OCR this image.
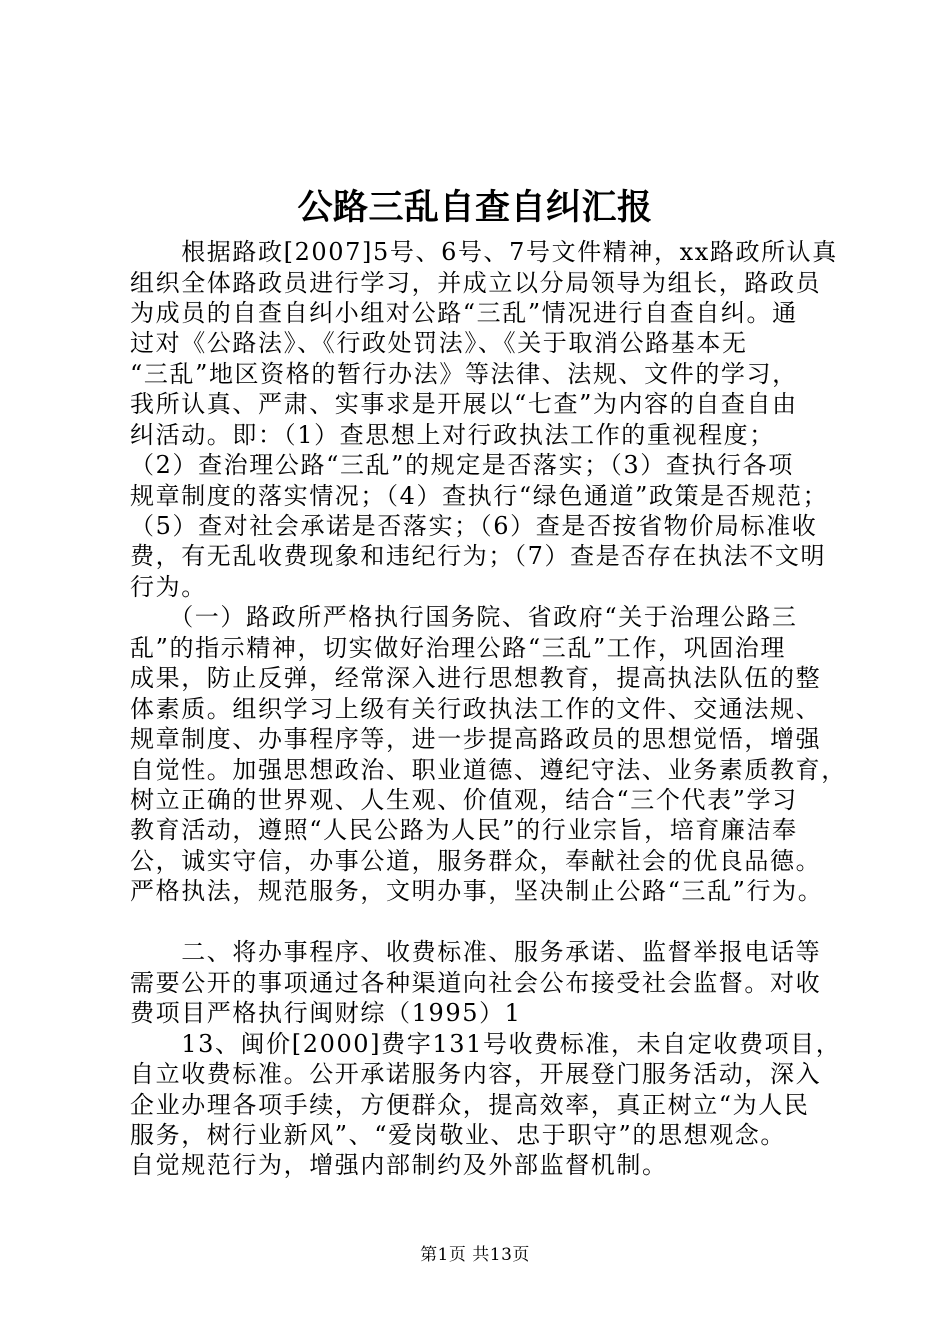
公路三乱自查自纠汇报
　　根据路政[2007]5号、6号、7号文件精神，xx路政所认真
组织全体路政员进行学习，并成立以分局领导为组长，路政员
为成员的自查自纠小组对公路“三乱”情况进行自查自纠。通
过对《公路法》、《行政处罚法》、《关于取消公路基本无
“三乱”地区资格的暂行办法》等法律、法规、文件的学习，
我所认真、严肃、实事求是开展以“七查”为内容的自查自由
纠活动。即：（1）查思想上对行政执法工作的重视程度；
（2）查治理公路“三乱”的规定是否落实；（3）查执行各项
规章制度的落实情况；（4）查执行“绿色通道”政策是否规范；
（5）查对社会承诺是否落实；（6）查是否按省物价局标准收
费，有无乱收费现象和违纪行为；（7）查是否存在执法不文明
行为。
　　（一）路政所严格执行国务院、省政府“关于治理公路三
乱”的指示精神，切实做好治理公路“三乱”工作，巩固治理
成果，防止反弹，经常深入进行思想教育，提高执法队伍的整
体素质。组织学习上级有关行政执法工作的文件、交通法规、
规章制度、办事程序等，进一步提高路政员的思想觉悟，增强
自觉性。加强思想政治、职业道德、遵纪守法、业务素质教育，
树立正确的世界观、人生观、价值观，结合“三个代表”学习
教育活动，遵照“人民公路为人民”的行业宗旨，培育廉洁奉
公，诚实守信，办事公道，服务群众，奉献社会的优良品德。
严格执法，规范服务，文明办事，坚决制止公路“三乱”行为。
　　二、将办事程序、收费标准、服务承诺、监督举报电话等
需要公开的事项通过各种渠道向社会公布接受社会监督。对收
费项目严格执行闽财综（1995）1
　　13、闽价[2000]费字131号收费标准，未自定收费项目，
自立收费标准。公开承诺服务内容，开展登门服务活动，深入
企业办理各项手续，方便群众，提高效率，真正树立“为人民
服务，树行业新风”、“爱岗敬业、忠于职守”的思想观念。
自觉规范行为，增强内部制约及外部监督机制。
第1页 共13页
